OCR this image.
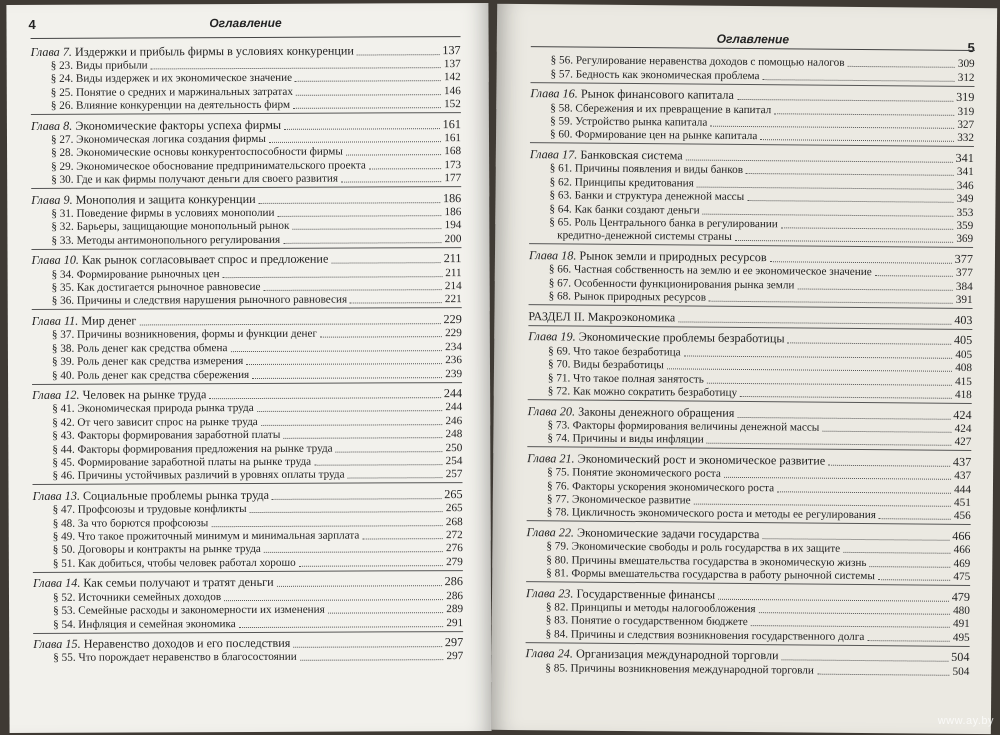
4	Оглавление
Глава 7. Издержки и прибыль фирмы в условиях конкуренции	137
§ 23. Виды прибыли	137
§ 24. Виды издержек и их экономическое значение	142
§ 25. Понятие о средних и маржинальных затратах	146
§ 26. Влияние конкуренции на деятельность фирм	152
Глава 8. Экономические факторы успеха фирмы	161
§ 27. Экономическая логика создания фирмы	161
§ 28. Экономические основы конкурентоспособности фирмы	168
§ 29. Экономическое обоснование предпринимательского проекта	173
§ 30. Где и как фирмы получают деньги для своего развития	177
Глава 9. Монополия и защита конкуренции	186
§ 31. Поведение фирмы в условиях монополии	186
§ 32. Барьеры, защищающие монопольный рынок	194
§ 33. Методы антимонопольного регулирования	200
Глава 10. Как рынок согласовывает спрос и предложение	211
§ 34. Формирование рыночных цен	211
§ 35. Как достигается рыночное равновесие	214
§ 36. Причины и следствия нарушения рыночного равновесия	221
Глава 11. Мир денег	229
§ 37. Причины возникновения, формы и функции денег	229
§ 38. Роль денег как средства обмена	234
§ 39. Роль денег как средства измерения	236
§ 40. Роль денег как средства сбережения	239
Глава 12. Человек на рынке труда	244
§ 41. Экономическая природа рынка труда	244
§ 42. От чего зависит спрос на рынке труда	246
§ 43. Факторы формирования заработной платы	248
§ 44. Факторы формирования предложения на рынке труда	250
§ 45. Формирование заработной платы на рынке труда	254
§ 46. Причины устойчивых различий в уровнях оплаты труда	257
Глава 13. Социальные проблемы рынка труда	265
§ 47. Профсоюзы и трудовые конфликты	265
§ 48. За что борются профсоюзы	268
§ 49. Что такое прожиточный минимум и минимальная зарплата	272
§ 50. Договоры и контракты на рынке труда	276
§ 51. Как добиться, чтобы человек работал хорошо	279
Глава 14. Как семьи получают и тратят деньги	286
§ 52. Источники семейных доходов	286
§ 53. Семейные расходы и закономерности их изменения	289
§ 54. Инфляция и семейная экономика	291
Глава 15. Неравенство доходов и его последствия	297
§ 55. Что порождает неравенство в благосостоянии	297
Оглавление
5
§ 56. Регулирование неравенства доходов с помощью налогов	309
§ 57. Бедность как экономическая проблема	312
Глава 16. Рынок финансового капитала	319
§ 58. Сбережения и их превращение в капитал	319
§ 59. Устройство рынка капитала	327
§ 60. Формирование цен на рынке капитала	332
Глава 17. Банковская система	341
§ 61. Причины появления и виды банков	341
§ 62. Принципы кредитования	346
§ 63. Банки и структура денежной массы	349
§ 64. Как банки создают деньги	353
§ 65. Роль Центрального банка в регулировании	359
кредитно-денежной системы страны	369
Глава 18. Рынок земли и природных ресурсов	377
§ 66. Частная собственность на землю и ее экономическое значение	377
§ 67. Особенности функционирования рынка земли	384
§ 68. Рынок природных ресурсов	391
РАЗДЕЛ II. Макроэкономика	403
Глава 19. Экономические проблемы безработицы	405
§ 69. Что такое безработица	405
§ 70. Виды безработицы	408
§ 71. Что такое полная занятость	415
§ 72. Как можно сократить безработицу	418
Глава 20. Законы денежного обращения	424
§ 73. Факторы формирования величины денежной массы	424
§ 74. Причины и виды инфляции	427
Глава 21. Экономический рост и экономическое развитие	437
§ 75. Понятие экономического роста	437
§ 76. Факторы ускорения экономического роста	444
§ 77. Экономическое развитие	451
§ 78. Цикличность экономического роста и методы ее регулирования	456
Глава 22. Экономические задачи государства	466
§ 79. Экономические свободы и роль государства в их защите	466
§ 80. Причины вмешательства государства в экономическую жизнь	469
§ 81. Формы вмешательства государства в работу рыночной системы	475
Глава 23. Государственные финансы	479
§ 82. Принципы и методы налогообложения	480
§ 83. Понятие о государственном бюджете	491
§ 84. Причины и следствия возникновения государственного долга	495
Глава 24. Организация международной торговли	504
§ 85. Причины возникновения международной торговли	504
www.ay.by
